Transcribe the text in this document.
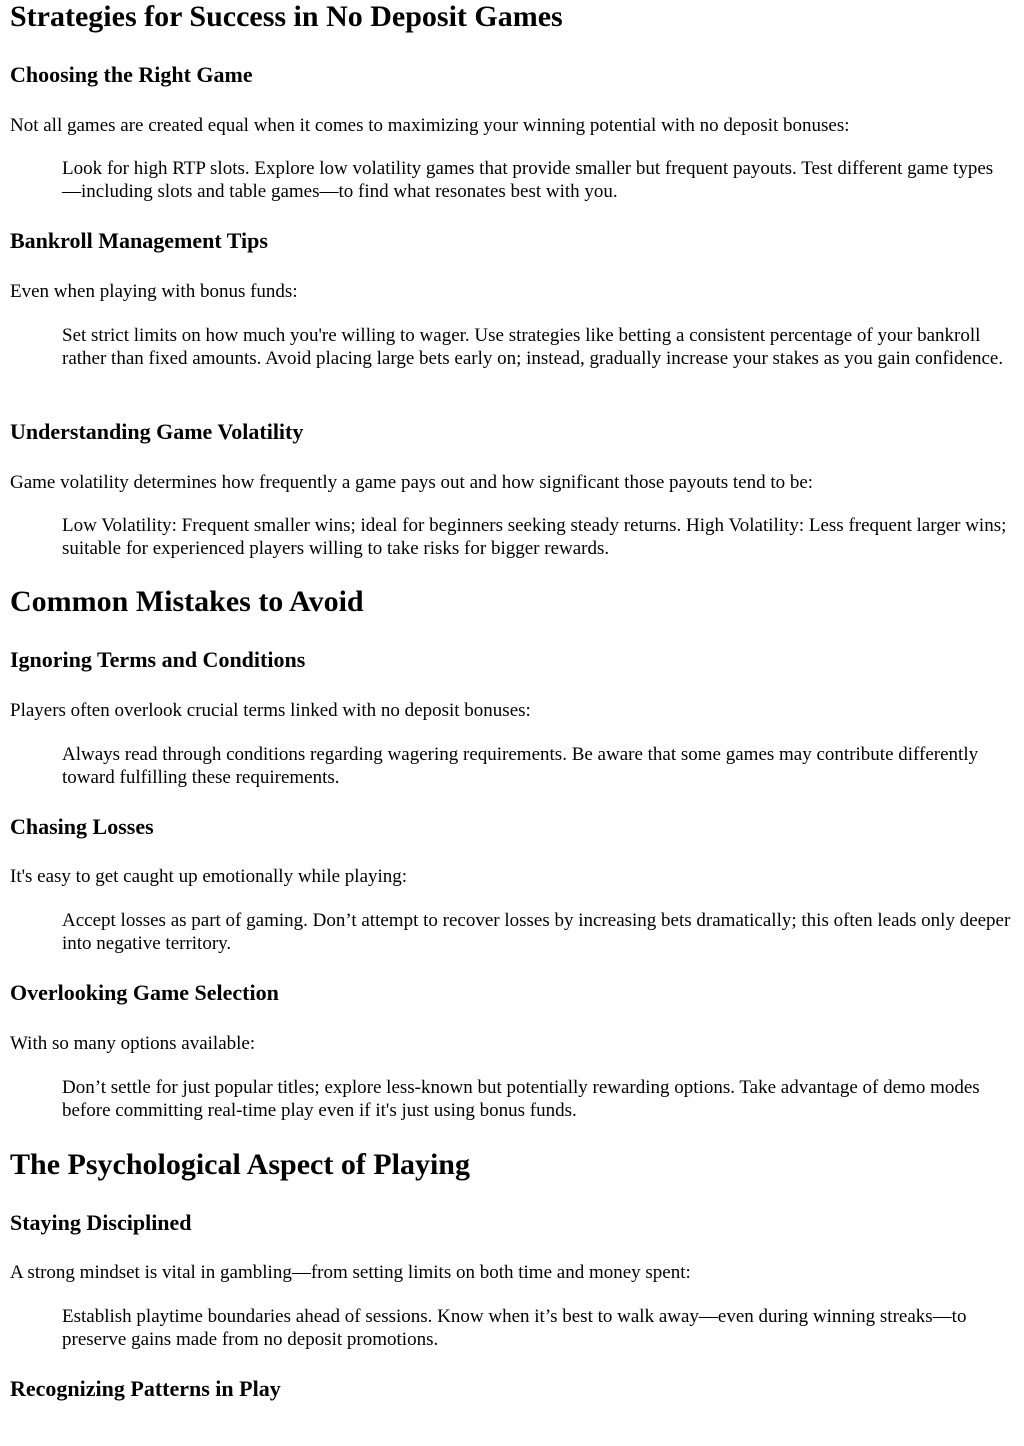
Strategies for Success in No Deposit Games
Choosing the Right Game

Not all games are created equal when it comes to maximizing your winning potential with no deposit bonuses:

Look for high RTP slots. Explore low volatility games that provide smaller but frequent payouts. Test different game types—including slots and table games—to find what resonates best with you.
Bankroll Management Tips

Even when playing with bonus funds:

Set strict limits on how much you're willing to wager. Use strategies like betting a consistent percentage of your bankroll rather than fixed amounts. Avoid placing large bets early on; instead, gradually increase your stakes as you gain confidence.
Understanding Game Volatility

Game volatility determines how frequently a game pays out and how significant those payouts tend to be:

Low Volatility: Frequent smaller wins; ideal for beginners seeking steady returns. High Volatility: Less frequent larger wins; suitable for experienced players willing to take risks for bigger rewards.
Common Mistakes to Avoid
Ignoring Terms and Conditions

Players often overlook crucial terms linked with no deposit bonuses:

Always read through conditions regarding wagering requirements. Be aware that some games may contribute differently toward fulfilling these requirements.
Chasing Losses

It's easy to get caught up emotionally while playing:

Accept losses as part of gaming. Don’t attempt to recover losses by increasing bets dramatically; this often leads only deeper into negative territory.
Overlooking Game Selection

With so many options available:

Don’t settle for just popular titles; explore less-known but potentially rewarding options. Take advantage of demo modes before committing real-time play even if it's just using bonus funds.
The Psychological Aspect of Playing
Staying Disciplined

A strong mindset is vital in gambling—from setting limits on both time and money spent:

Establish playtime boundaries ahead of sessions. Know when it’s best to walk away—even during winning streaks—to preserve gains made from no deposit promotions.
Recognizing Patterns in Play
